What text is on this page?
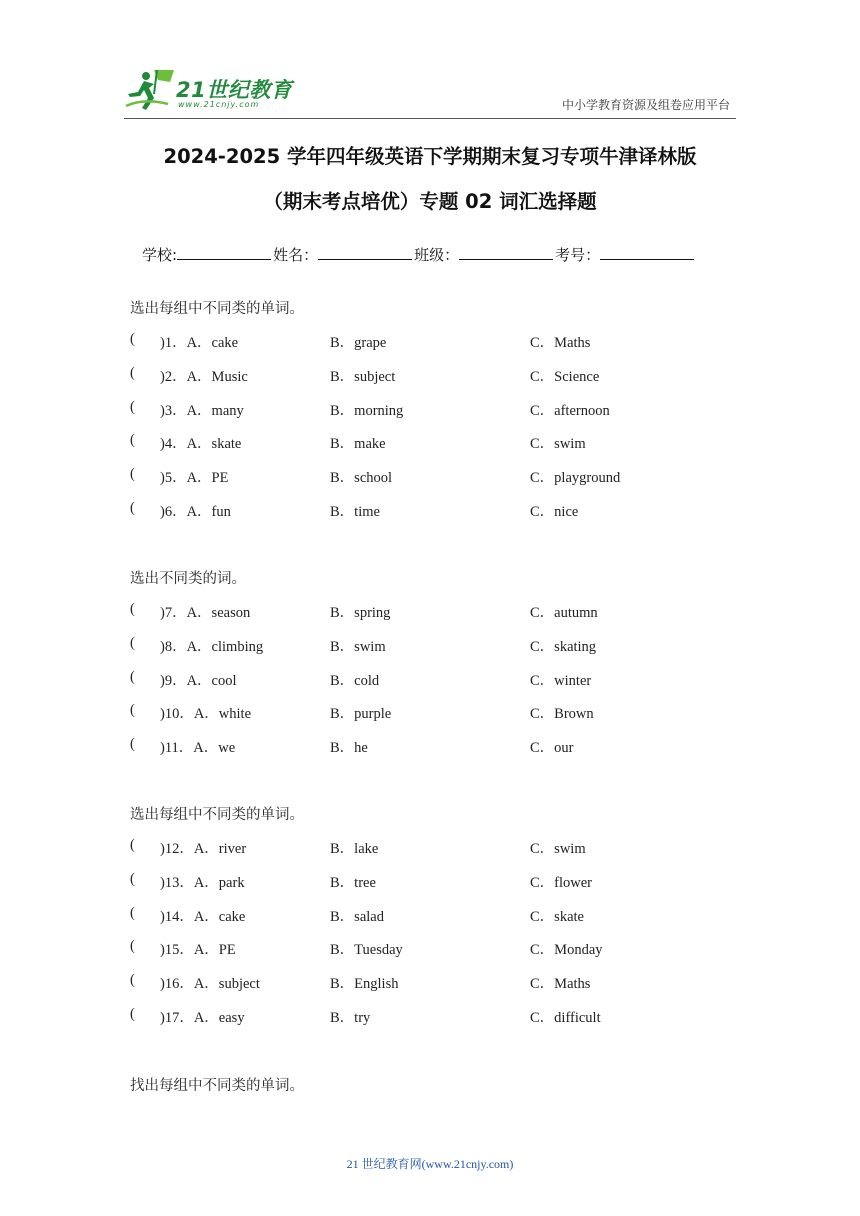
21世纪教育
www.21cnjy.com	中小学教育资源及组卷应用平台
2024-2025 学年四年级英语下学期期末复习专项牛津译林版
（期末考点培优）专题 02 词汇选择题
学校:	姓名：	班级：	考号：
选出每组中不同类的单词。
( )1．A．cake	B．grape	C．Maths
( )2．A．Music	B．subject	C．Science
( )3．A．many	B．morning	C．afternoon
( )4．A．skate	B．make	C．swim
( )5．A．PE	B．school	C．playground
( )6．A．fun	B．time	C．nice
选出不同类的词。
( )7．A．season	B．spring	C．autumn
( )8．A．climbing	B．swim	C．skating
( )9．A．cool	B．cold	C．winter
( )10．A．white	B．purple	C．Brown
( )11．A．we	B．he	C．our
选出每组中不同类的单词。
( )12．A．river	B．lake	C．swim
( )13．A．park	B．tree	C．flower
( )14．A．cake	B．salad	C．skate
( )15．A．PE	B．Tuesday	C．Monday
( )16．A．subject	B．English	C．Maths
( )17．A．easy	B．try	C．difficult
找出每组中不同类的单词。
21 世纪教育网(www.21cnjy.com)
